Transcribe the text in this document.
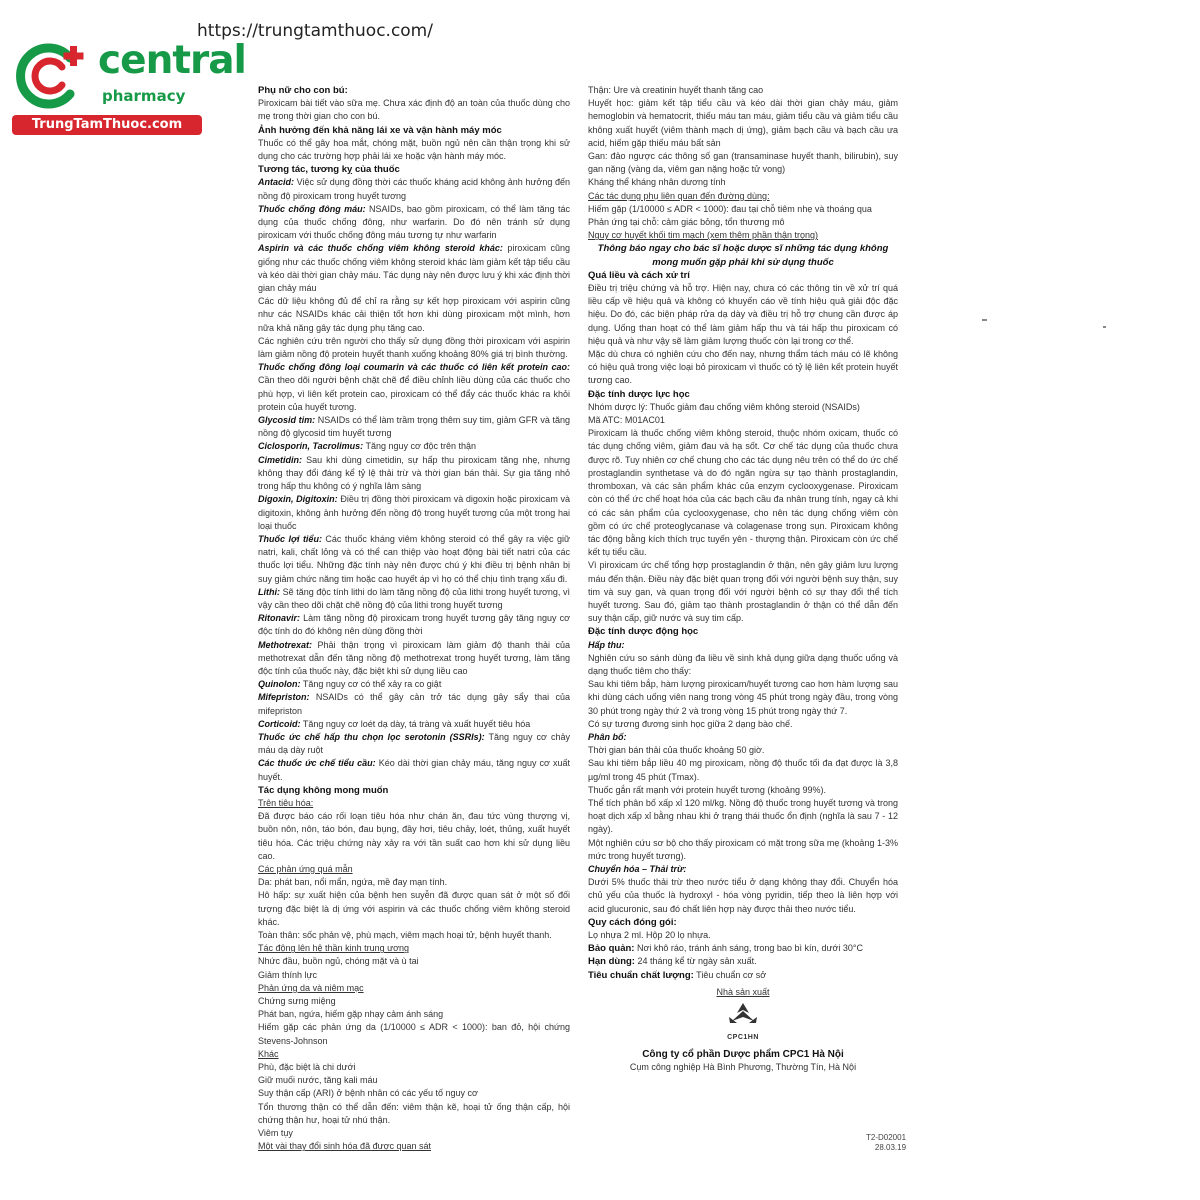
https://trungtamthuoc.com/
central
pharmacy
TrungTamThuoc.com

Phụ nữ cho con bú:

Piroxicam bài tiết vào sữa mẹ. Chưa xác định độ an toàn của thuốc dùng cho mẹ trong thời gian cho con bú.

Ảnh hưởng đến khả năng lái xe và vận hành máy móc

Thuốc có thể gây hoa mắt, chóng mặt, buồn ngủ nên cần thận trọng khi sử dụng cho các trường hợp phải lái xe hoặc vận hành máy móc.

Tương tác, tương kỵ của thuốc

Antacid: Việc sử dụng đồng thời các thuốc kháng acid không ảnh hưởng đến nồng độ piroxicam trong huyết tương

Thuốc chống đông máu: NSAIDs, bao gồm piroxicam, có thể làm tăng tác dụng của thuốc chống đông, như warfarin. Do đó nên tránh sử dụng piroxicam với thuốc chống đông máu tương tự như warfarin

Aspirin và các thuốc chống viêm không steroid khác: piroxicam cũng giống như các thuốc chống viêm không steroid khác làm giảm kết tập tiểu cầu và kéo dài thời gian chảy máu. Tác dụng này nên được lưu ý khi xác định thời gian chảy máu

Các dữ liệu không đủ để chỉ ra rằng sự kết hợp piroxicam với aspirin cũng như các NSAIDs khác cải thiện tốt hơn khi dùng piroxicam một mình, hơn nữa khả năng gây tác dụng phụ tăng cao.

Các nghiên cứu trên người cho thấy sử dụng đồng thời piroxicam với aspirin làm giảm nồng độ protein huyết thanh xuống khoảng 80% giá trị bình thường.

Thuốc chống đông loại coumarin và các thuốc có liên kết protein cao: Cần theo dõi người bệnh chặt chẽ để điều chỉnh liều dùng của các thuốc cho phù hợp, vì liên kết protein cao, piroxicam có thể đẩy các thuốc khác ra khỏi protein của huyết tương.

Glycosid tim: NSAIDs có thể làm trầm trọng thêm suy tim, giảm GFR và tăng nồng độ glycosid tim huyết tương

Ciclosporin, Tacrolimus: Tăng nguy cơ độc trên thận

Cimetidin: Sau khi dùng cimetidin, sự hấp thu piroxicam tăng nhẹ, nhưng không thay đổi đáng kể tỷ lệ thải trừ và thời gian bán thải. Sự gia tăng nhỏ trong hấp thu không có ý nghĩa lâm sàng

Digoxin, Digitoxin: Điều trị đồng thời piroxicam và digoxin hoặc piroxicam và digitoxin, không ảnh hưởng đến nồng độ trong huyết tương của một trong hai loại thuốc

Thuốc lợi tiểu: Các thuốc kháng viêm không steroid có thể gây ra việc giữ natri, kali, chất lỏng và có thể can thiệp vào hoạt động bài tiết natri của các thuốc lợi tiểu. Những đặc tính này nên được chú ý khi điều trị bệnh nhân bị suy giảm chức năng tim hoặc cao huyết áp vì họ có thể chịu tình trạng xấu đi.

Lithi: Sẽ tăng độc tính lithi do làm tăng nồng độ của lithi trong huyết tương, vì vậy cần theo dõi chặt chẽ nồng độ của lithi trong huyết tương

Ritonavir: Làm tăng nồng độ piroxicam trong huyết tương gây tăng nguy cơ độc tính do đó không nên dùng đồng thời

Methotrexat: Phải thận trọng vì piroxicam làm giảm độ thanh thải của methotrexat dẫn đến tăng nồng độ methotrexat trong huyết tương, làm tăng độc tính của thuốc này, đặc biệt khi sử dụng liều cao

Quinolon: Tăng nguy cơ có thể xảy ra co giật

Mifepriston: NSAIDs có thể gây cản trở tác dụng gây sẩy thai của mifepriston

Corticoid: Tăng nguy cơ loét dạ dày, tá tràng và xuất huyết tiêu hóa

Thuốc ức chế hấp thu chọn lọc serotonin (SSRIs): Tăng nguy cơ chảy máu dạ dày ruột

Các thuốc ức chế tiểu cầu: Kéo dài thời gian chảy máu, tăng nguy cơ xuất huyết.

Tác dụng không mong muốn

Trên tiêu hóa:

Đã được báo cáo rối loạn tiêu hóa như chán ăn, đau tức vùng thượng vị, buồn nôn, nôn, táo bón, đau bụng, đầy hơi, tiêu chảy, loét, thủng, xuất huyết tiêu hóa. Các triệu chứng này xảy ra với tần suất cao hơn khi sử dụng liều cao.

Các phản ứng quá mẫn

Da: phát ban, nổi mẩn, ngứa, mề đay mạn tính.

Hô hấp: sự xuất hiện của bệnh hen suyễn đã được quan sát ở một số đối tượng đặc biệt là dị ứng với aspirin và các thuốc chống viêm không steroid khác.

Toàn thân: sốc phản vệ, phù mạch, viêm mạch hoại tử, bệnh huyết thanh.

Tác động lên hệ thần kinh trung ương

Nhức đầu, buồn ngủ, chóng mặt và ù tai

Giảm thính lực

Phản ứng da và niêm mạc

Chứng sưng miệng

Phát ban, ngứa, hiếm gặp nhạy cảm ánh sáng

Hiếm gặp các phản ứng da (1/10000 ≤ ADR < 1000): ban đỏ, hội chứng Stevens-Johnson

Khác

Phù, đặc biệt là chi dưới

Giữ muối nước, tăng kali máu

Suy thận cấp (ARI) ở bệnh nhân có các yếu tố nguy cơ

Tổn thương thận có thể dẫn đến: viêm thận kẽ, hoại tử ống thận cấp, hội chứng thận hư, hoại tử nhú thận.

Viêm tụy

Một vài thay đổi sinh hóa đã được quan sát

Thận: Ure và creatinin huyết thanh tăng cao

Huyết học: giảm kết tập tiểu cầu và kéo dài thời gian chảy máu, giảm hemoglobin và hematocrit, thiếu máu tan máu, giảm tiểu cầu và giảm tiểu cầu không xuất huyết (viêm thành mạch dị ứng), giảm bạch cầu và bạch cầu ưa acid, hiếm gặp thiếu máu bất sản

Gan: đảo ngược các thông số gan (transaminase huyết thanh, bilirubin), suy gan nặng (vàng da, viêm gan nặng hoặc tử vong)

Kháng thể kháng nhân dương tính

Các tác dụng phụ liên quan đến đường dùng:

Hiếm gặp (1/10000 ≤ ADR < 1000): đau tại chỗ tiêm nhẹ và thoáng qua

Phản ứng tại chỗ: cảm giác bỏng, tổn thương mô

Nguy cơ huyết khối tim mạch (xem thêm phần thận trọng)

Thông báo ngay cho bác sĩ hoặc dược sĩ những tác dụng không mong muốn gặp phải khi sử dụng thuốc

Quá liều và cách xử trí

Điều trị triệu chứng và hỗ trợ. Hiện nay, chưa có các thông tin về xử trí quá liều cấp về hiệu quả và không có khuyến cáo về tính hiệu quả giải độc đặc hiệu. Do đó, các biện pháp rửa dạ dày và điều trị hỗ trợ chung cần được áp dụng. Uống than hoạt có thể làm giảm hấp thu và tái hấp thu piroxicam có hiệu quả và như vậy sẽ làm giảm lượng thuốc còn lại trong cơ thể.

Mặc dù chưa có nghiên cứu cho đến nay, nhưng thẩm tách máu có lẽ không có hiệu quả trong việc loại bỏ piroxicam vì thuốc có tỷ lệ liên kết protein huyết tương cao.

Đặc tính dược lực học

Nhóm dược lý: Thuốc giảm đau chống viêm không steroid (NSAIDs)

Mã ATC: M01AC01

Piroxicam là thuốc chống viêm không steroid, thuộc nhóm oxicam, thuốc có tác dụng chống viêm, giảm đau và hạ sốt. Cơ chế tác dụng của thuốc chưa được rõ. Tuy nhiên cơ chế chung cho các tác dụng nêu trên có thể do ức chế prostaglandin synthetase và do đó ngăn ngừa sự tạo thành prostaglandin, thromboxan, và các sản phẩm khác của enzym cyclooxygenase. Piroxicam còn có thể ức chế hoạt hóa của các bạch cầu đa nhân trung tính, ngay cả khi có các sản phẩm của cyclooxygenase, cho nên tác dụng chống viêm còn gồm có ức chế proteoglycanase và colagenase trong sụn. Piroxicam không tác động bằng kích thích trục tuyến yên - thượng thận. Piroxicam còn ức chế kết tụ tiểu cầu.

Vì piroxicam ức chế tổng hợp prostaglandin ở thận, nên gây giảm lưu lượng máu đến thận. Điều này đặc biệt quan trọng đối với người bệnh suy thận, suy tim và suy gan, và quan trọng đối với người bệnh có sự thay đổi thể tích huyết tương. Sau đó, giảm tạo thành prostaglandin ở thận có thể dẫn đến suy thận cấp, giữ nước và suy tim cấp.

Đặc tính dược động học

Hấp thu:

Nghiên cứu so sánh dùng đa liều về sinh khả dụng giữa dạng thuốc uống và dạng thuốc tiêm cho thấy:

Sau khi tiêm bắp, hàm lượng piroxicam/huyết tương cao hơn hàm lượng sau khi dùng cách uống viên nang trong vòng 45 phút trong ngày đầu, trong vòng 30 phút trong ngày thứ 2 và trong vòng 15 phút trong ngày thứ 7.

Có sự tương đương sinh học giữa 2 dạng bào chế.

Phân bố:

Thời gian bán thải của thuốc khoảng 50 giờ.

Sau khi tiêm bắp liều 40 mg piroxicam, nồng độ thuốc tối đa đạt được là 3,8 µg/ml trong 45 phút (Tmax).

Thuốc gắn rất mạnh với protein huyết tương (khoảng 99%).

Thể tích phân bố xấp xỉ 120 ml/kg. Nồng độ thuốc trong huyết tương và trong hoạt dịch xấp xỉ bằng nhau khi ở trạng thái thuốc ổn định (nghĩa là sau 7 - 12 ngày).

Một nghiên cứu sơ bộ cho thấy piroxicam có mặt trong sữa mẹ (khoảng 1-3% mức trong huyết tương).

Chuyển hóa – Thải trừ:

Dưới 5% thuốc thải trừ theo nước tiểu ở dạng không thay đổi. Chuyển hóa chủ yếu của thuốc là hydroxyl - hóa vòng pyridin, tiếp theo là liên hợp với acid glucuronic, sau đó chất liên hợp này được thải theo nước tiểu.

Quy cách đóng gói:

Lọ nhựa 2 ml. Hộp 20 lọ nhựa.

Bảo quản: Nơi khô ráo, tránh ánh sáng, trong bao bì kín, dưới 30°C

Hạn dùng: 24 tháng kể từ ngày sản xuất.

Tiêu chuẩn chất lượng: Tiêu chuẩn cơ sở

Nhà sản xuất
CPC1HN
Công ty cổ phần Dược phẩm CPC1 Hà Nội
Cụm công nghiệp Hà Bình Phương, Thường Tín, Hà Nội
T2-D02001
28.03.19
